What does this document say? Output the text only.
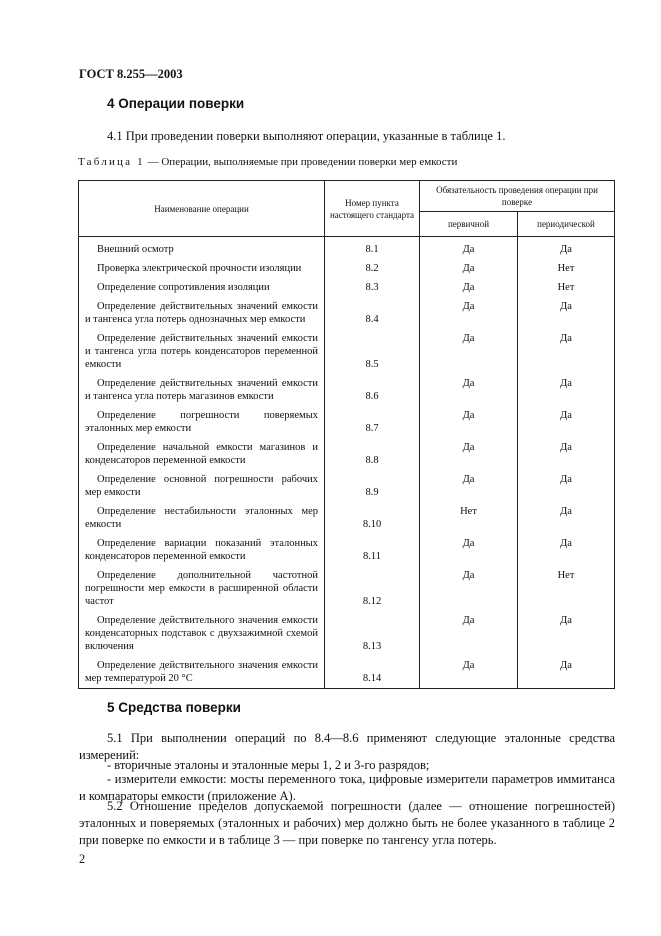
ГОСТ 8.255—2003
4 Операции поверки
4.1 При проведении поверки выполняют операции, указанные в таблице 1.
Таблица 1 — Операции, выполняемые при проведении поверки мер емкости
Наименование операции	Номер пункта настоящего стандарта	Обязательность проведения операции при поверке	
		первичной	периодической

Внешний осмотр	8.1	Да	Да

Проверка электрической прочности изоляции	8.2	Да	Нет

Определение сопротивления изоляции	8.3	Да	Нет

Определение действительных значений емкости и тангенса угла потерь однозначных мер емкости	8.4	Да	Да

Определение действительных значений емкости и тангенса угла потерь конденсаторов переменной емкости	8.5	Да	Да

Определение действительных значений емкости и тангенса угла потерь магазинов емкости	8.6	Да	Да

Определение погрешности поверяемых эталонных мер емкости	8.7	Да	Да

Определение начальной емкости магазинов и конденсаторов переменной емкости	8.8	Да	Да

Определение основной погрешности рабочих мер емкости	8.9	Да	Да

Определение нестабильности эталонных мер емкости	8.10	Нет	Да

Определение вариации показаний эталонных конденсаторов переменной емкости	8.11	Да	Да

Определение дополнительной частотной погрешности мер емкости в расширенной области частот	8.12	Да	Нет

Определение действительного значения емкости конденсаторных подставок с двухзажимной схемой включения	8.13	Да	Да

Определение действительного значения емкости мер температурой 20 °С	8.14	Да	Да
5 Средства поверки
5.1 При выполнении операций по 8.4—8.6 применяют следующие эталонные средства измерений:
- вторичные эталоны и эталонные меры 1, 2 и 3-го разрядов;
- измерители емкости: мосты переменного тока, цифровые измерители параметров иммитанса и компараторы емкости (приложение А).
5.2 Отношение пределов допускаемой погрешности (далее — отношение погрешностей) эталонных и поверяемых (эталонных и рабочих) мер должно быть не более указанного в таблице 2 при поверке по емкости и в таблице 3 — при поверке по тангенсу угла потерь.
2
